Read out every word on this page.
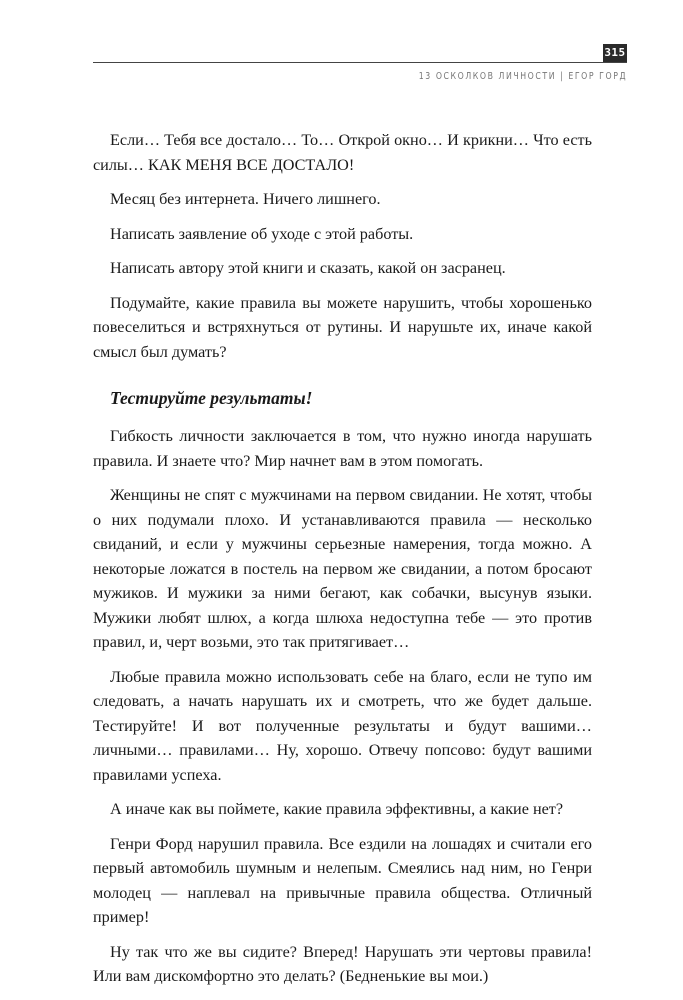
315
13 ОСКОЛКОВ ЛИЧНОСТИ | ЕГОР ГОРД

Если… Тебя все достало… То… Открой окно… И крикни… Что есть силы… КАК МЕНЯ ВСЕ ДОСТАЛО!

Месяц без интернета. Ничего лишнего.

Написать заявление об уходе с этой работы.

Написать автору этой книги и сказать, какой он засранец.

Подумайте, какие правила вы можете нарушить, чтобы хорошенько повеселиться и встряхнуться от рутины. И нарушьте их, иначе какой смысл был думать?

Тестируйте результаты!

Гибкость личности заключается в том, что нужно иногда нарушать правила. И знаете что? Мир начнет вам в этом помогать.

Женщины не спят с мужчинами на первом свидании. Не хотят, чтобы о них подумали плохо. И устанавливаются правила — несколько свиданий, и если у мужчины серьезные намерения, тогда можно. А некоторые ложатся в постель на первом же свидании, а потом бросают мужиков. И мужики за ними бегают, как собачки, высунув языки. Мужики любят шлюх, а когда шлюха недоступна тебе — это против правил, и, черт возьми, это так притягивает…

Любые правила можно использовать себе на благо, если не тупо им следовать, а начать нарушать их и смотреть, что же будет дальше. Тестируйте! И вот полученные результаты и будут вашими… личными… правилами… Ну, хорошо. Отвечу попсово: будут вашими правилами успеха.

А иначе как вы поймете, какие правила эффективны, а какие нет?

Генри Форд нарушил правила. Все ездили на лошадях и считали его первый автомобиль шумным и нелепым. Смеялись над ним, но Генри молодец — наплевал на привычные правила общества. Отличный пример!

Ну так что же вы сидите? Вперед! Нарушать эти чертовы правила! Или вам дискомфортно это делать? (Бедненькие вы мои.)
